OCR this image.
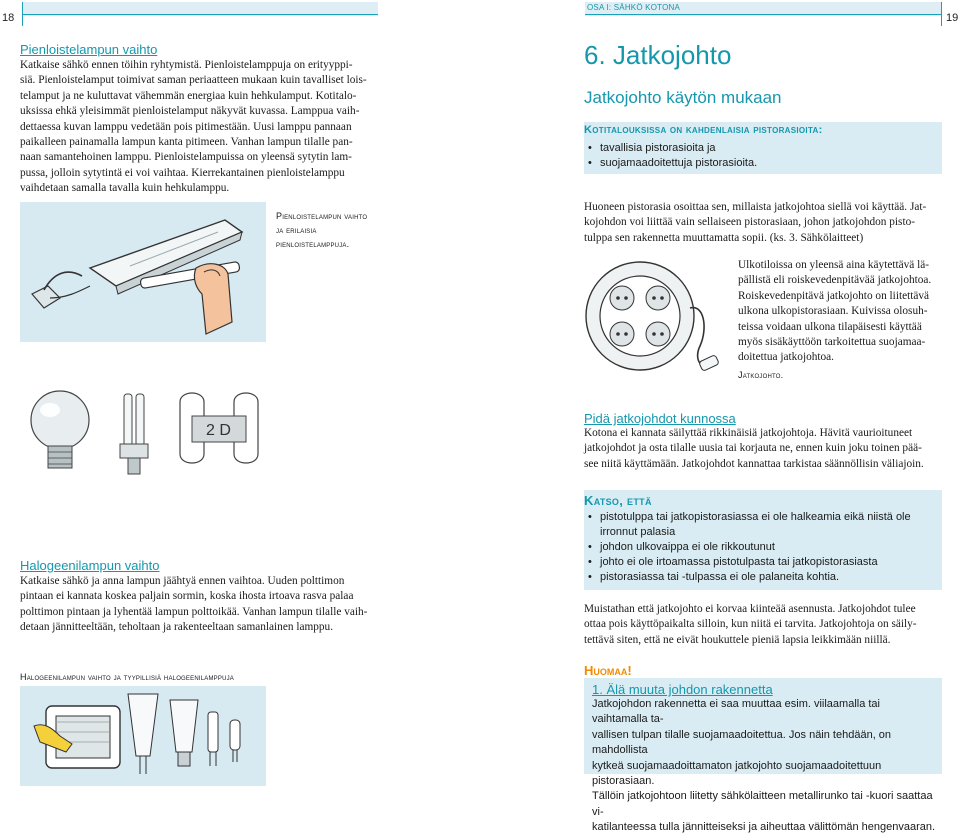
18
OSA I: SÄHKÖ KOTONA
19
Pienloistelampun vaihto
Katkaise sähkö ennen töihin ryhtymistä. Pienloistelamppuja on erityyppi-
siä. Pienloistelamput toimivat saman periaatteen mukaan kuin tavalliset lois-
telamput ja ne kuluttavat vähemmän energiaa kuin hehkulamput. Kotitalo-
uksissa ehkä yleisimmät pienloistelamput näkyvät kuvassa. Lamppua vaih-
dettaessa kuvan lamppu vedetään pois pitimestään. Uusi lamppu pannaan
paikalleen painamalla lampun kanta pitimeen. Vanhan lampun tilalle pan-
naan samantehoinen lamppu. Pienloistelampuissa on yleensä sytytin lam-
pussa, jolloin sytytintä ei voi vaihtaa. Kierrekantainen pienloistelamppu
vaihdetaan samalla tavalla kuin hehkulamppu.
Pienloistelampun vaihto
ja erilaisia
pienloistelamppuja.
2 D
Halogeenilampun vaihto
Katkaise sähkö ja anna lampun jäähtyä ennen vaihtoa. Uuden polttimon
pintaan ei kannata koskea paljain sormin, koska ihosta irtoava rasva palaa
polttimon pintaan ja lyhentää lampun polttoikää. Vanhan lampun tilalle vaih-
detaan jännitteeltään, teholtaan ja rakenteeltaan samanlainen lamppu.
Halogeenilampun vaihto ja tyypillisiä halogeenilamppuja
6. Jatkojohto
Jatkojohto käytön mukaan
Kotitalouksissa on kahdenlaisia pistorasioita:
• tavallisia pistorasioita ja
• suojamaadoitettuja pistorasioita.
Huoneen pistorasia osoittaa sen, millaista jatkojohtoa siellä voi käyttää. Jat-
kojohdon voi liittää vain sellaiseen pistorasiaan, johon jatkojohdon pisto-
tulppa sen rakennetta muuttamatta sopii. (ks. 3. Sähkölaitteet)
Ulkotiloissa on yleensä aina käytettävä lä-
pällistä eli roiskevedenpitävää jatkojohtoa.
Roiskevedenpitävä jatkojohto on liitettävä
ulkona ulkopistorasiaan. Kuivissa olosuh-
teissa voidaan ulkona tilapäisesti käyttää
myös sisäkäyttöön tarkoitettua suojamaa-
doitettua jatkojohtoa.
Jatkojohto.
Pidä jatkojohdot kunnossa
Kotona ei kannata säilyttää rikkinäisiä jatkojohtoja. Hävitä vaurioituneet
jatkojohdot ja osta tilalle uusia tai korjauta ne, ennen kuin joku toinen pää-
see niitä käyttämään. Jatkojohdot kannattaa tarkistaa säännöllisin väliajoin.
Katso, että
• pistotulppa tai jatkopistorasiassa ei ole halkeamia eikä niistä ole
irronnut palasia
• johdon ulkovaippa ei ole rikkoutunut
• johto ei ole irtoamassa pistotulpasta tai jatkopistorasiasta
• pistorasiassa tai -tulpassa ei ole palaneita kohtia.
Muistathan että jatkojohto ei korvaa kiinteää asennusta. Jatkojohdot tulee
ottaa pois käyttöpaikalta silloin, kun niitä ei tarvita. Jatkojohtoja on säily-
tettävä siten, että ne eivät houkuttele pieniä lapsia leikkimään niillä.
Huomaa!
1. Älä muuta johdon rakennetta
Jatkojohdon rakennetta ei saa muuttaa esim. viilaamalla tai vaihtamalla ta-
vallisen tulpan tilalle suojamaadoitettua. Jos näin tehdään, on mahdollista
kytkeä suojamaadoittamaton jatkojohto suojamaadoitettuun pistorasiaan.
Tällöin jatkojohtoon liitetty sähkölaitteen metallirunko tai -kuori saattaa vi-
katilanteessa tulla jännitteiseksi ja aiheuttaa välittömän hengenvaaran.
